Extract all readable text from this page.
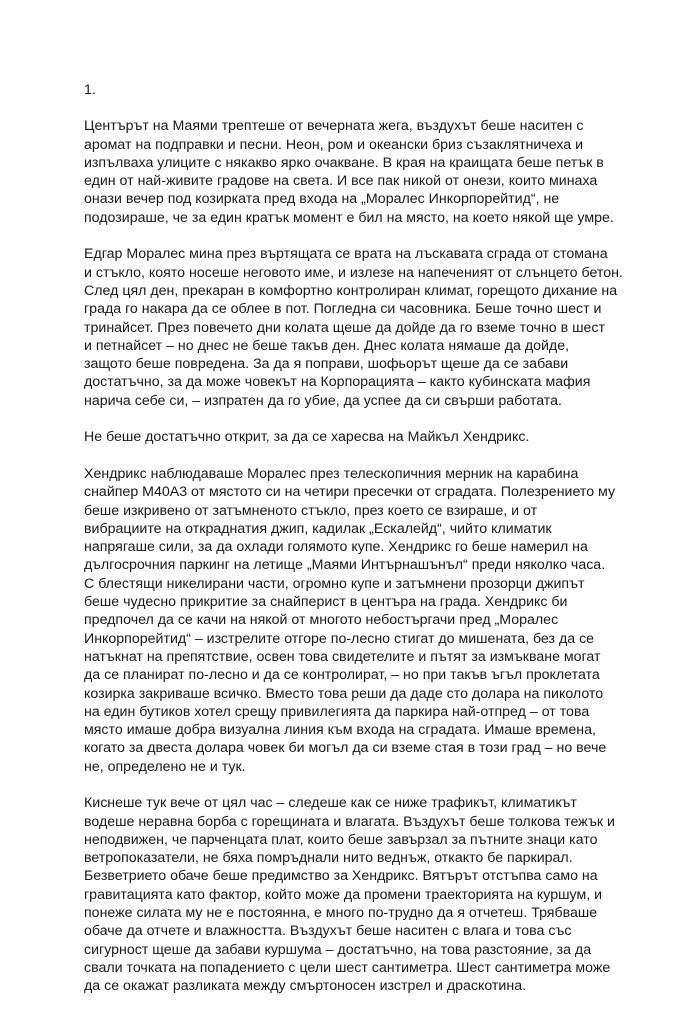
1.
Центърът на Маями трептеше от вечерната жега, въздухът беше наситен с
аромат на подправки и песни. Неон, ром и океански бриз съзаклятничеха и
изпълваха улиците с някакво ярко очакване. В края на краищата беше петък в
един от най-живите градове на света. И все пак никой от онези, които минаха
онази вечер под козирката пред входа на „Моралес Инкорпорейтид“, не
подозираше, че за един кратък момент е бил на място, на което някой ще умре.
Едгар Моралес мина през въртящата се врата на лъскавата сграда от стомана
и стъкло, която носеше неговото име, и излезе на напеченият от слънцето бетон.
След цял ден, прекаран в комфортно контролиран климат, горещото дихание на
града го накара да се облее в пот. Погледна си часовника. Беше точно шест и
тринайсет. През повечето дни колата щеше да дойде да го вземе точно в шест
и петнайсет – но днес не беше такъв ден. Днес колата нямаше да дойде,
защото беше повредена. За да я поправи, шофьорът щеше да се забави
достатъчно, за да може човекът на Корпорацията – както кубинската мафия
нарича себе си, – изпратен да го убие, да успее да си свърши работата.
Не беше достатъчно открит, за да се харесва на Майкъл Хендрикс.
Хендрикс наблюдаваше Моралес през телескопичния мерник на карабина
снайпер М40А3 от мястото си на четири пресечки от сградата. Полезрението му
беше изкривено от затъмненото стъкло, през което се взираше, и от
вибрациите на откраднатия джип, кадилак „Ескалейд“, чийто климатик
напрягаше сили, за да охлади голямото купе. Хендрикс го беше намерил на
дългосрочния паркинг на летище „Маями Интърнашънъл“ преди няколко часа.
С блестящи никелирани части, огромно купе и затъмнени прозорци джипът
беше чудесно прикритие за снайперист в центъра на града. Хендрикс би
предпочел да се качи на някой от многото небостъргачи пред „Моралес
Инкорпорейтид“ – изстрелите отгоре по-лесно стигат до мишената, без да се
натъкнат на препятствие, освен това свидетелите и пътят за измъкване могат
да се планират по-лесно и да се контролират, – но при такъв ъгъл проклетата
козирка закриваше всичко. Вместо това реши да даде сто долара на пиколото
на един бутиков хотел срещу привилегията да паркира най-отпред – от това
място имаше добра визуална линия към входа на сградата. Имаше времена,
когато за двеста долара човек би могъл да си вземе стая в този град – но вече
не, определено не и тук.
Киснеше тук вече от цял час – следеше как се ниже трафикът, климатикът
водеше неравна борба с горещината и влагата. Въздухът беше толкова тежък и
неподвижен, че парченцата плат, които беше завързал за пътните знаци като
ветропоказатели, не бяха помръднали нито веднъж, откакто бе паркирал.
Безветрието обаче беше предимство за Хендрикс. Вятърът отстъпва само на
гравитацията като фактор, който може да промени траекторията на куршум, и
понеже силата му не е постоянна, е много по-трудно да я отчетеш. Трябваше
обаче да отчете и влажността. Въздухът беше наситен с влага и това със
сигурност щеше да забави куршума – достатъчно, на това разстояние, за да
свали точката на попадението с цели шест сантиметра. Шест сантиметра може
да се окажат разликата между смъртоносен изстрел и драскотина.
